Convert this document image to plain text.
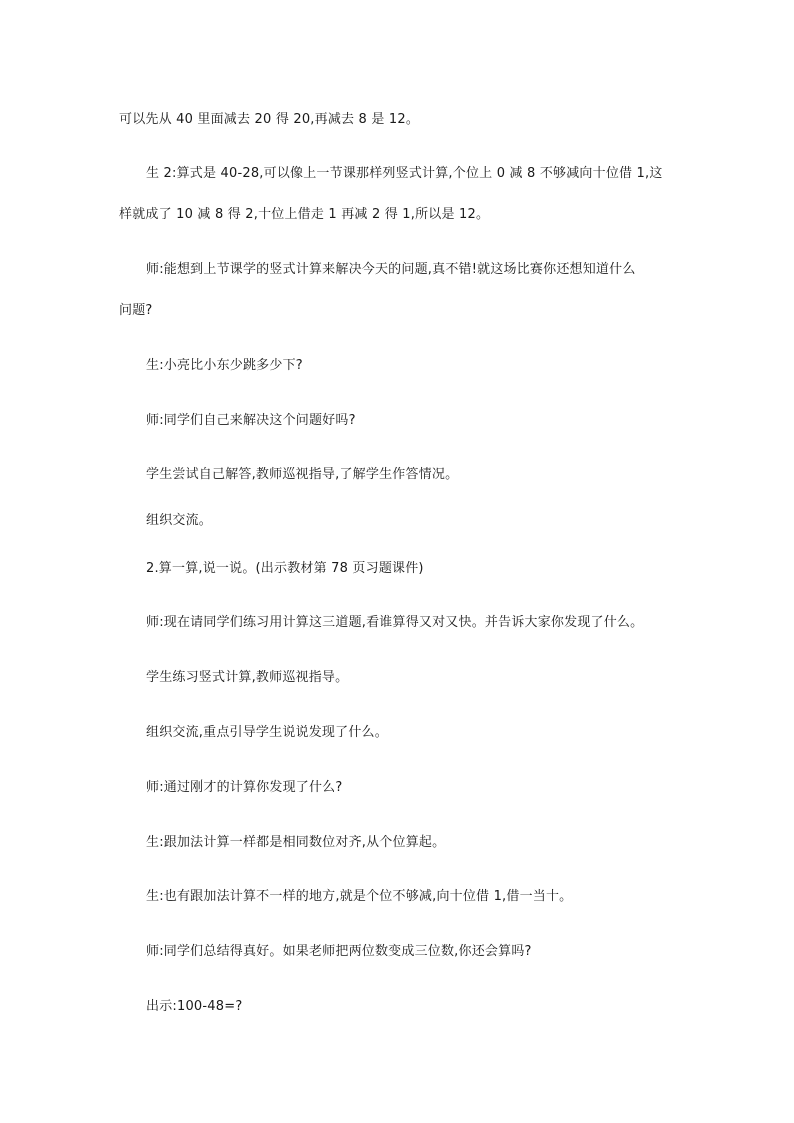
可以先从 40 里面减去 20 得 20,再减去 8 是 12。
生 2:算式是 40-28,可以像上一节课那样列竖式计算,个位上 0 减 8 不够减向十位借 1,这
样就成了 10 减 8 得 2,十位上借走 1 再减 2 得 1,所以是 12。
师:能想到上节课学的竖式计算来解决今天的问题,真不错!就这场比赛你还想知道什么
问题?
生:小亮比小东少跳多少下?
师:同学们自己来解决这个问题好吗?
学生尝试自己解答,教师巡视指导,了解学生作答情况。
组织交流。
2.算一算,说一说。(出示教材第 78 页习题课件)
师:现在请同学们练习用计算这三道题,看谁算得又对又快。并告诉大家你发现了什么。
学生练习竖式计算,教师巡视指导。
组织交流,重点引导学生说说发现了什么。
师:通过刚才的计算你发现了什么?
生:跟加法计算一样都是相同数位对齐,从个位算起。
生:也有跟加法计算不一样的地方,就是个位不够减,向十位借 1,借一当十。
师:同学们总结得真好。如果老师把两位数变成三位数,你还会算吗?
出示:100-48=?
